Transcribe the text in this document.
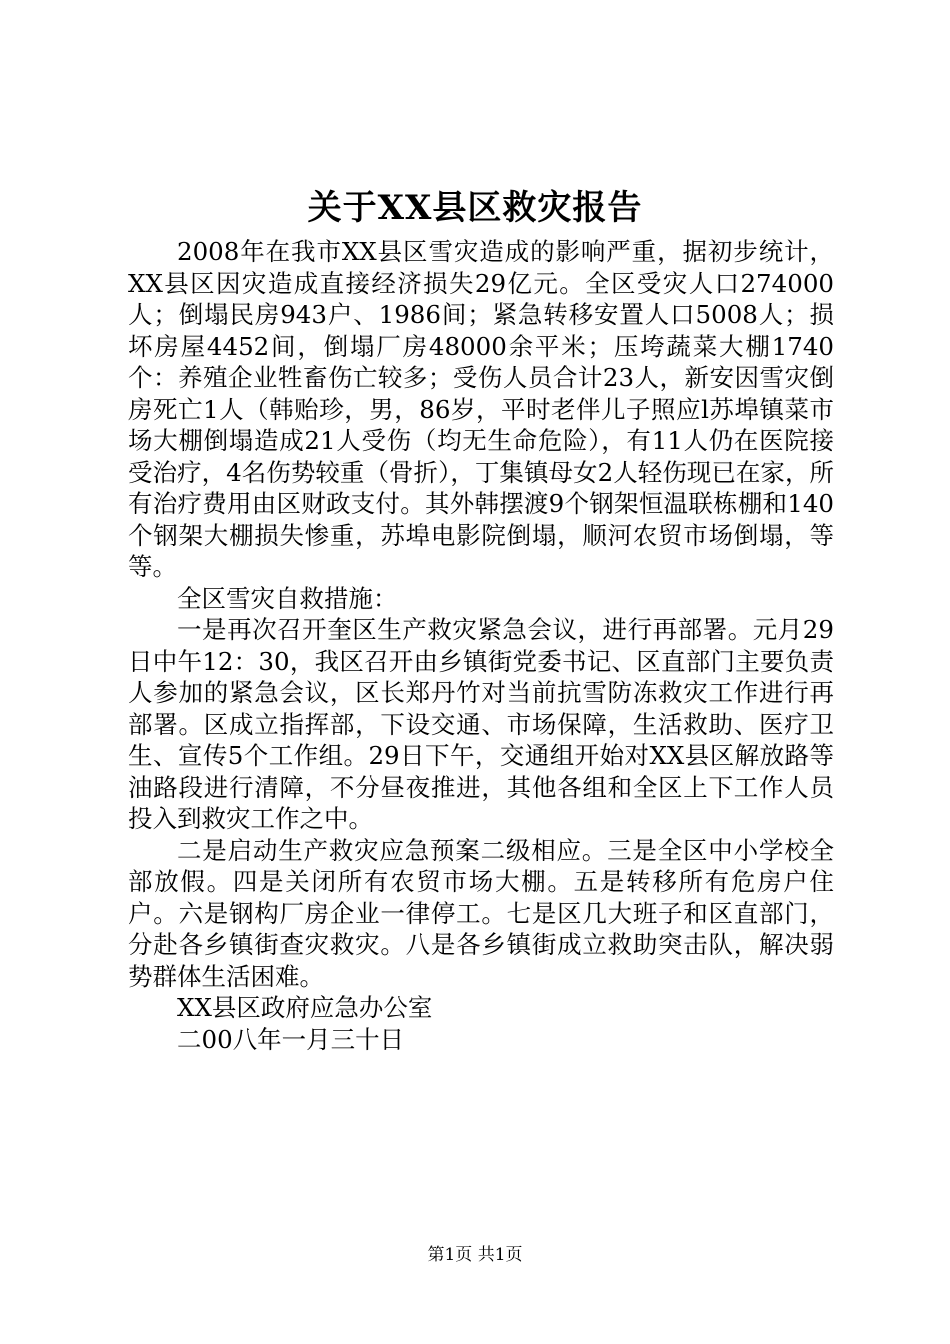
关于XX县区救灾报告

2008年在我市XX县区雪灾造成的影响严重，据初步统计，XX县区因灾造成直接经济损失29亿元。全区受灾人口274000人；倒塌民房943户、1986间；紧急转移安置人口5008人；损坏房屋4452间，倒塌厂房48000余平米；压垮蔬菜大棚1740个：养殖企业牲畜伤亡较多；受伤人员合计23人，新安因雪灾倒房死亡1人（韩贻珍，男，86岁，平时老伴儿子照应l苏埠镇菜市场大棚倒塌造成21人受伤（均无生命危险），有11人仍在医院接受治疗，4名伤势较重（骨折），丁集镇母女2人轻伤现已在家，所有治疗费用由区财政支付。其外韩摆渡9个钢架恒温联栋棚和140个钢架大棚损失惨重，苏埠电影院倒塌，顺河农贸市场倒塌，等等。

全区雪灾自救措施：

一是再次召开奎区生产救灾紧急会议，进行再部署。元月29日中午12：30，我区召开由乡镇街党委书记、区直部门主要负责人参加的紧急会议，区长郑丹竹对当前抗雪防冻救灾工作进行再部署。区成立指挥部，下设交通、市场保障，生活救助、医疗卫生、宣传5个工作组。29日下午，交通组开始对XX县区解放路等油路段进行清障，不分昼夜推进，其他各组和全区上下工作人员投入到救灾工作之中。

二是启动生产救灾应急预案二级相应。三是全区中小学校全部放假。四是关闭所有农贸市场大棚。五是转移所有危房户住户。六是钢构厂房企业一律停工。七是区几大班子和区直部门，分赴各乡镇街查灾救灾。八是各乡镇街成立救助突击队，解决弱势群体生活困难。

XX县区政府应急办公室

二00八年一月三十日

第1页 共1页
